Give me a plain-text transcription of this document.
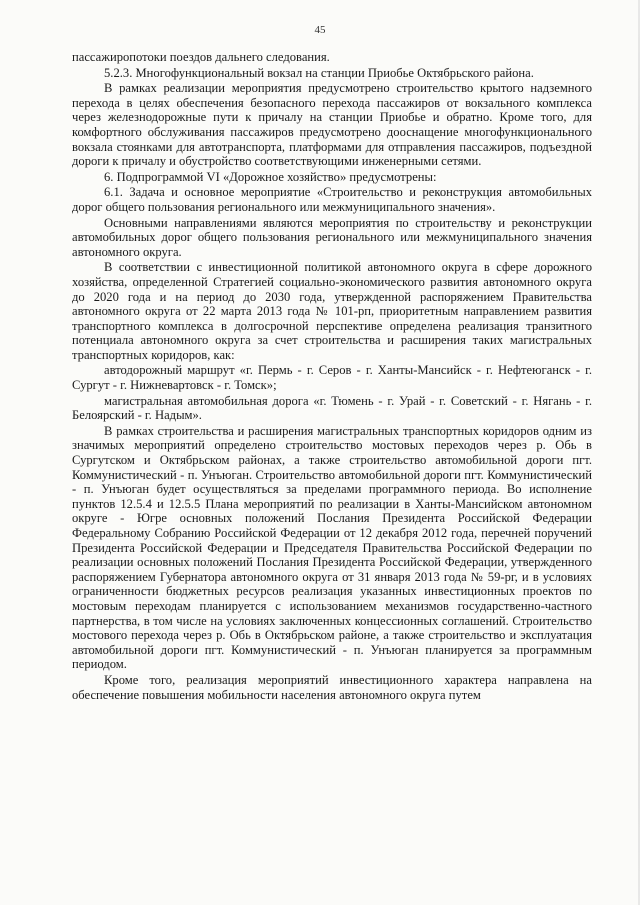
45

пассажиропотоки поездов дальнего следования.

5.2.3. Многофункциональный вокзал на станции Приобье Октябрьского района.

В рамках реализации мероприятия предусмотрено строительство крытого надземного перехода в целях обеспечения безопасного перехода пассажиров от вокзального комплекса через железнодорожные пути к причалу на станции Приобье и обратно. Кроме того, для комфортного обслуживания пассажиров предусмотрено дооснащение многофункционального вокзала стоянками для автотранспорта, платформами для отправления пассажиров, подъездной дороги к причалу и обустройство соответствующими инженерными сетями.

6. Подпрограммой VI «Дорожное хозяйство» предусмотрены:

6.1. Задача и основное мероприятие «Строительство и реконструкция автомобильных дорог общего пользования регионального или межмуниципального значения».

Основными направлениями являются мероприятия по строительству и реконструкции автомобильных дорог общего пользования регионального или межмуниципального значения автономного округа.

В соответствии с инвестиционной политикой автономного округа в сфере дорожного хозяйства, определенной Стратегией социально-экономического развития автономного округа до 2020 года и на период до 2030 года, утвержденной распоряжением Правительства автономного округа от 22 марта 2013 года № 101-рп, приоритетным направлением развития транспортного комплекса в долгосрочной перспективе определена реализация транзитного потенциала автономного округа за счет строительства и расширения таких магистральных транспортных коридоров, как:

автодорожный маршрут «г. Пермь - г. Серов - г. Ханты-Мансийск - г. Нефтеюганск - г. Сургут - г. Нижневартовск - г. Томск»;

магистральная автомобильная дорога «г. Тюмень - г. Урай - г. Советский - г. Нягань - г. Белоярский - г. Надым».

В рамках строительства и расширения магистральных транспортных коридоров одним из значимых мероприятий определено строительство мостовых переходов через р. Обь в Сургутском и Октябрьском районах, а также строительство автомобильной дороги пгт. Коммунистический - п. Унъюган. Строительство автомобильной дороги пгт. Коммунистический - п. Унъюган будет осуществляться за пределами программного периода. Во исполнение пунктов 12.5.4 и 12.5.5 Плана мероприятий по реализации в Ханты-Мансийском автономном округе - Югре основных положений Послания Президента Российской Федерации Федеральному Собранию Российской Федерации от 12 декабря 2012 года, перечней поручений Президента Российской Федерации и Председателя Правительства Российской Федерации по реализации основных положений Послания Президента Российской Федерации, утвержденного распоряжением Губернатора автономного округа от 31 января 2013 года № 59-рг, и в условиях ограниченности бюджетных ресурсов реализация указанных инвестиционных проектов по мостовым переходам планируется с использованием механизмов государственно-частного партнерства, в том числе на условиях заключенных концессионных соглашений. Строительство мостового перехода через р. Обь в Октябрьском районе, а также строительство и эксплуатация автомобильной дороги пгт. Коммунистический - п. Унъюган планируется за программным периодом.

Кроме того, реализация мероприятий инвестиционного характера направлена на обеспечение повышения мобильности населения автономного округа путем
